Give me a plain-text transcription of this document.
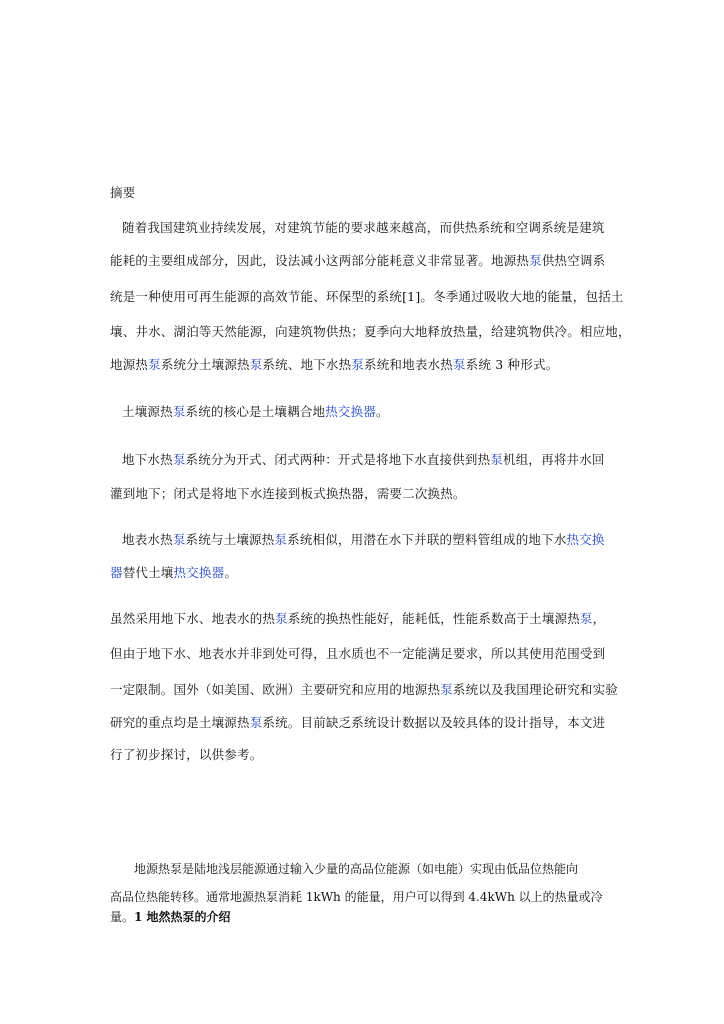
摘要
随着我国建筑业持续发展，对建筑节能的要求越来越高，而供热系统和空调系统是建筑
能耗的主要组成部分，因此，设法减小这两部分能耗意义非常显著。地源热泵供热空调系
统是一种使用可再生能源的高效节能、环保型的系统[1]。冬季通过吸收大地的能量，包括土
壤、井水、湖泊等天然能源，向建筑物供热；夏季向大地释放热量，给建筑物供冷。相应地，
地源热泵系统分土壤源热泵系统、地下水热泵系统和地表水热泵系统 3 种形式。
土壤源热泵系统的核心是土壤耦合地热交换器。
地下水热泵系统分为开式、闭式两种：开式是将地下水直接供到热泵机组，再将井水回
灌到地下；闭式是将地下水连接到板式换热器，需要二次换热。
地表水热泵系统与土壤源热泵系统相似，用潜在水下并联的塑料管组成的地下水热交换
器替代土壤热交换器。
虽然采用地下水、地表水的热泵系统的换热性能好，能耗低，性能系数高于土壤源热泵，
但由于地下水、地表水并非到处可得，且水质也不一定能满足要求，所以其使用范围受到
一定限制。国外（如美国、欧洲）主要研究和应用的地源热泵系统以及我国理论研究和实验
研究的重点均是土壤源热泵系统。目前缺乏系统设计数据以及较具体的设计指导，本文进
行了初步探讨，以供参考。
地源热泵是陆地浅层能源通过输入少量的高品位能源（如电能）实现由低品位热能向
高品位热能转移。通常地源热泵消耗 1kWh 的能量，用户可以得到 4.4kWh 以上的热量或冷
量。1 地然热泵的介绍
